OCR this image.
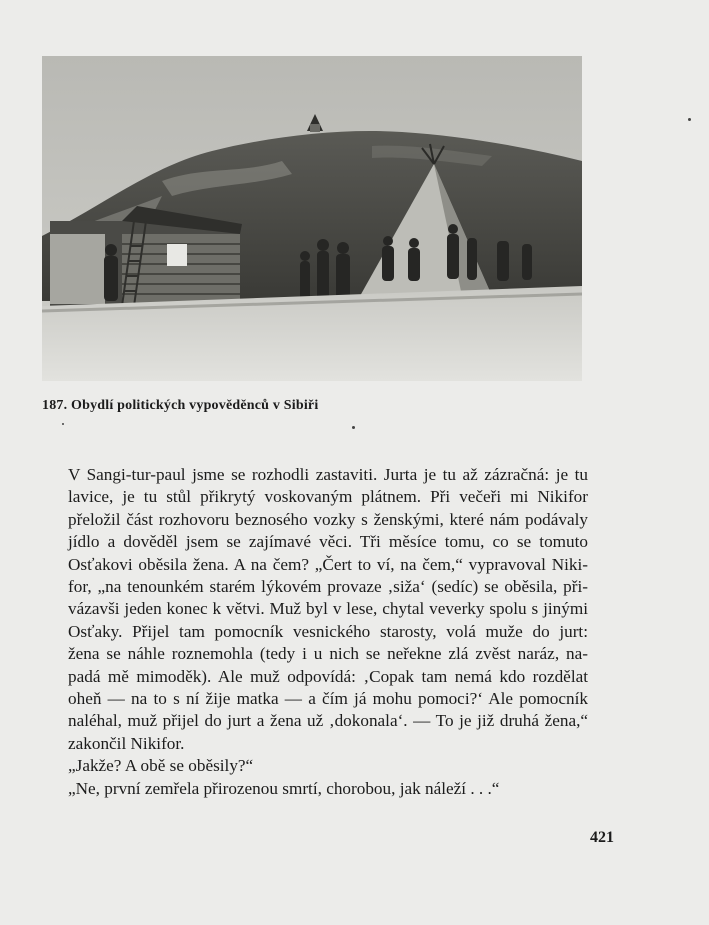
187. Obydlí politických vypověděnců v Sibiři
V Sangi-tur-paul jsme se rozhodli zastaviti. Jurta je tu až zázračná: je tu
lavice, je tu stůl přikrytý voskovaným plátnem. Při večeři mi Nikifor
přeložil část rozhovoru beznosého vozky s ženskými, které nám podávaly
jídlo a dověděl jsem se zajímavé věci. Tři měsíce tomu, co se tomuto
Osťakovi oběsila žena. A na čem? „Čert to ví, na čem,“ vypravoval Niki-
for, „na tenounkém starém lýkovém provaze ‚siža‘ (sedíc) se oběsila, při-
vázavši jeden konec k větvi. Muž byl v lese, chytal veverky spolu s jinými
Osťaky. Přijel tam pomocník vesnického starosty, volá muže do jurt:
žena se náhle roznemohla (tedy i u nich se neřekne zlá zvěst naráz, na-
padá mě mimoděk). Ale muž odpovídá: ‚Copak tam nemá kdo rozdělat
oheň — na to s ní žije matka — a čím já mohu pomoci?‘ Ale pomocník
naléhal, muž přijel do jurt a žena už ‚dokonala‘. — To je již druhá žena,“
zakončil Nikifor.
„Jakže? A obě se oběsily?“
„Ne, první zemřela přirozenou smrtí, chorobou, jak náleží . . .“
421
